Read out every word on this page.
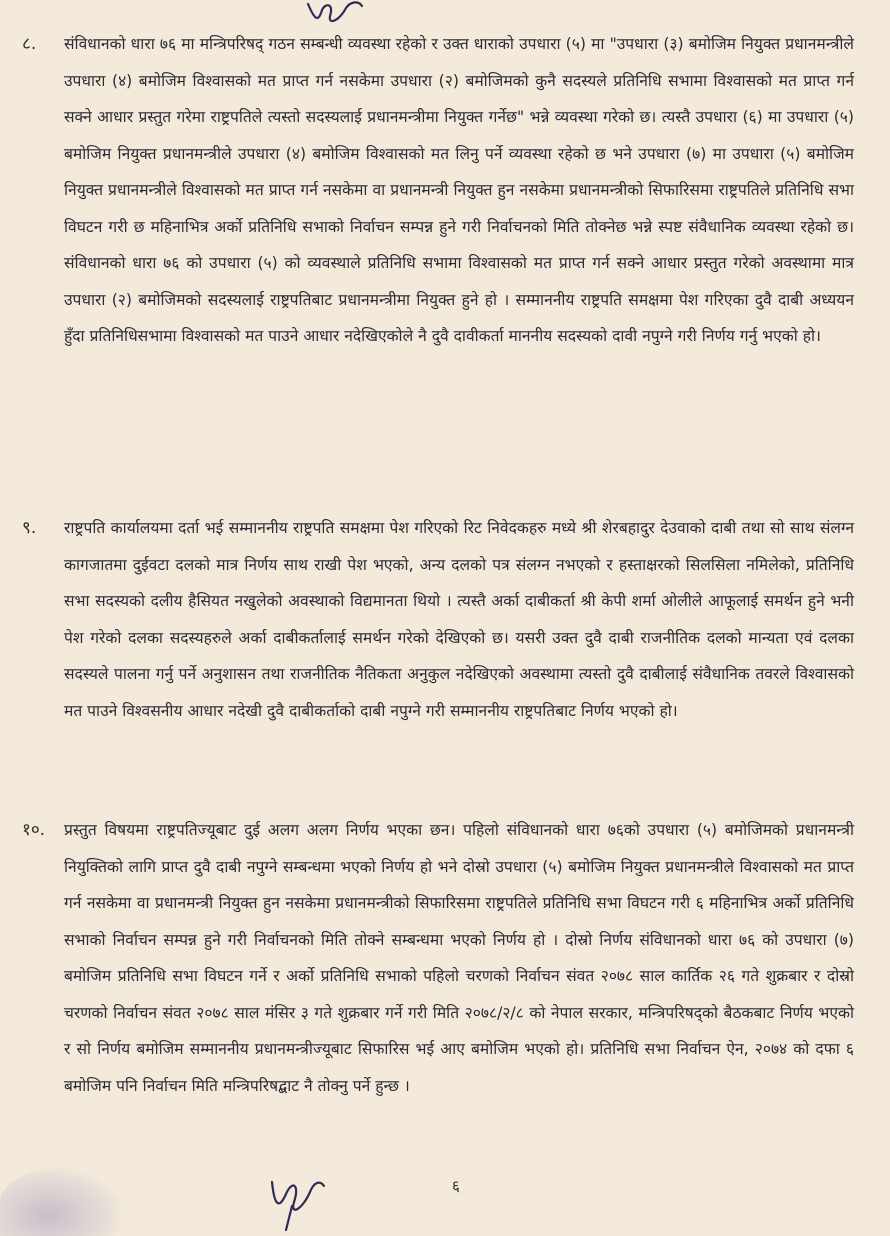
८. संविधानको धारा ७६ मा मन्त्रिपरिषद् गठन सम्बन्धी व्यवस्था रहेको र उक्त धाराको उपधारा (५) मा "उपधारा (३) बमोजिम नियुक्त प्रधानमन्त्रीले उपधारा (४) बमोजिम विश्वासको मत प्राप्त गर्न नसकेमा उपधारा (२) बमोजिमको कुनै सदस्यले प्रतिनिधि सभामा विश्वासको मत प्राप्त गर्न सक्ने आधार प्रस्तुत गरेमा राष्ट्रपतिले त्यस्तो सदस्यलाई प्रधानमन्त्रीमा नियुक्त गर्नेछ" भन्ने व्यवस्था गरेको छ। त्यस्तै उपधारा (६) मा उपधारा (५) बमोजिम नियुक्त प्रधानमन्त्रीले उपधारा (४) बमोजिम विश्वासको मत लिनु पर्ने व्यवस्था रहेको छ भने उपधारा (७) मा उपधारा (५) बमोजिम नियुक्त प्रधानमन्त्रीले विश्वासको मत प्राप्त गर्न नसकेमा वा प्रधानमन्त्री नियुक्त हुन नसकेमा प्रधानमन्त्रीको सिफारिसमा राष्ट्रपतिले प्रतिनिधि सभा विघटन गरी छ महिनाभित्र अर्को प्रतिनिधि सभाको निर्वाचन सम्पन्न हुने गरी निर्वाचनको मिति तोक्नेछ भन्ने स्पष्ट संवैधानिक व्यवस्था रहेको छ। संविधानको धारा ७६ को उपधारा (५) को व्यवस्थाले प्रतिनिधि सभामा विश्वासको मत प्राप्त गर्न सक्ने आधार प्रस्तुत गरेको अवस्थामा मात्र उपधारा (२) बमोजिमको सदस्यलाई राष्ट्रपतिबाट प्रधानमन्त्रीमा नियुक्त हुने हो । सम्माननीय राष्ट्रपति समक्षमा पेश गरिएका दुवै दाबी अध्ययन हुँदा प्रतिनिधिसभामा विश्वासको मत पाउने आधार नदेखिएकोले नै दुवै दावीकर्ता माननीय सदस्यको दावी नपुग्ने गरी निर्णय गर्नु भएको हो।
९. राष्ट्रपति कार्यालयमा दर्ता भई सम्माननीय राष्ट्रपति समक्षमा पेश गरिएको रिट निवेदकहरु मध्ये श्री शेरबहादुर देउवाको दाबी तथा सो साथ संलग्न कागजातमा दुईवटा दलको मात्र निर्णय साथ राखी पेश भएको, अन्य दलको पत्र संलग्न नभएको र हस्ताक्षरको सिलसिला नमिलेको, प्रतिनिधि सभा सदस्यको दलीय हैसियत नखुलेको अवस्थाको विद्यमानता थियो । त्यस्तै अर्का दाबीकर्ता श्री केपी शर्मा ओलीले आफूलाई समर्थन हुने भनी पेश गरेको दलका सदस्यहरुले अर्का दाबीकर्तालाई समर्थन गरेको देखिएको छ। यसरी उक्त दुवै दाबी राजनीतिक दलको मान्यता एवं दलका सदस्यले पालना गर्नु पर्ने अनुशासन तथा राजनीतिक नैतिकता अनुकुल नदेखिएको अवस्थामा त्यस्तो दुवै दाबीलाई संवैधानिक तवरले विश्वासको मत पाउने विश्वसनीय आधार नदेखी दुवै दाबीकर्ताको दाबी नपुग्ने गरी सम्माननीय राष्ट्रपतिबाट निर्णय भएको हो।
१०. प्रस्तुत विषयमा राष्ट्रपतिज्यूबाट दुई अलग अलग निर्णय भएका छन। पहिलो संविधानको धारा ७६को उपधारा (५) बमोजिमको प्रधानमन्त्री नियुक्तिको लागि प्राप्त दुवै दाबी नपुग्ने सम्बन्धमा भएको निर्णय हो भने दोस्रो उपधारा (५) बमोजिम नियुक्त प्रधानमन्त्रीले विश्वासको मत प्राप्त गर्न नसकेमा वा प्रधानमन्त्री नियुक्त हुन नसकेमा प्रधानमन्त्रीको सिफारिसमा राष्ट्रपतिले प्रतिनिधि सभा विघटन गरी ६ महिनाभित्र अर्को प्रतिनिधि सभाको निर्वाचन सम्पन्न हुने गरी निर्वाचनको मिति तोक्ने सम्बन्धमा भएको निर्णय हो । दोस्रो निर्णय संविधानको धारा ७६ को उपधारा (७) बमोजिम प्रतिनिधि सभा विघटन गर्ने र अर्को प्रतिनिधि सभाको पहिलो चरणको निर्वाचन संवत २०७८ साल कार्तिक २६ गते शुक्रबार र दोस्रो चरणको निर्वाचन संवत २०७८ साल मंसिर ३ गते शुक्रबार गर्ने गरी मिति २०७८/२/८ को नेपाल सरकार, मन्त्रिपरिषद्को बैठकबाट निर्णय भएको र सो निर्णय बमोजिम सम्माननीय प्रधानमन्त्रीज्यूबाट सिफारिस भई आए बमोजिम भएको हो। प्रतिनिधि सभा निर्वाचन ऐन, २०७४ को दफा ६ बमोजिम पनि निर्वाचन मिति मन्त्रिपरिषद्बाट नै तोक्नु पर्ने हुन्छ ।
६
